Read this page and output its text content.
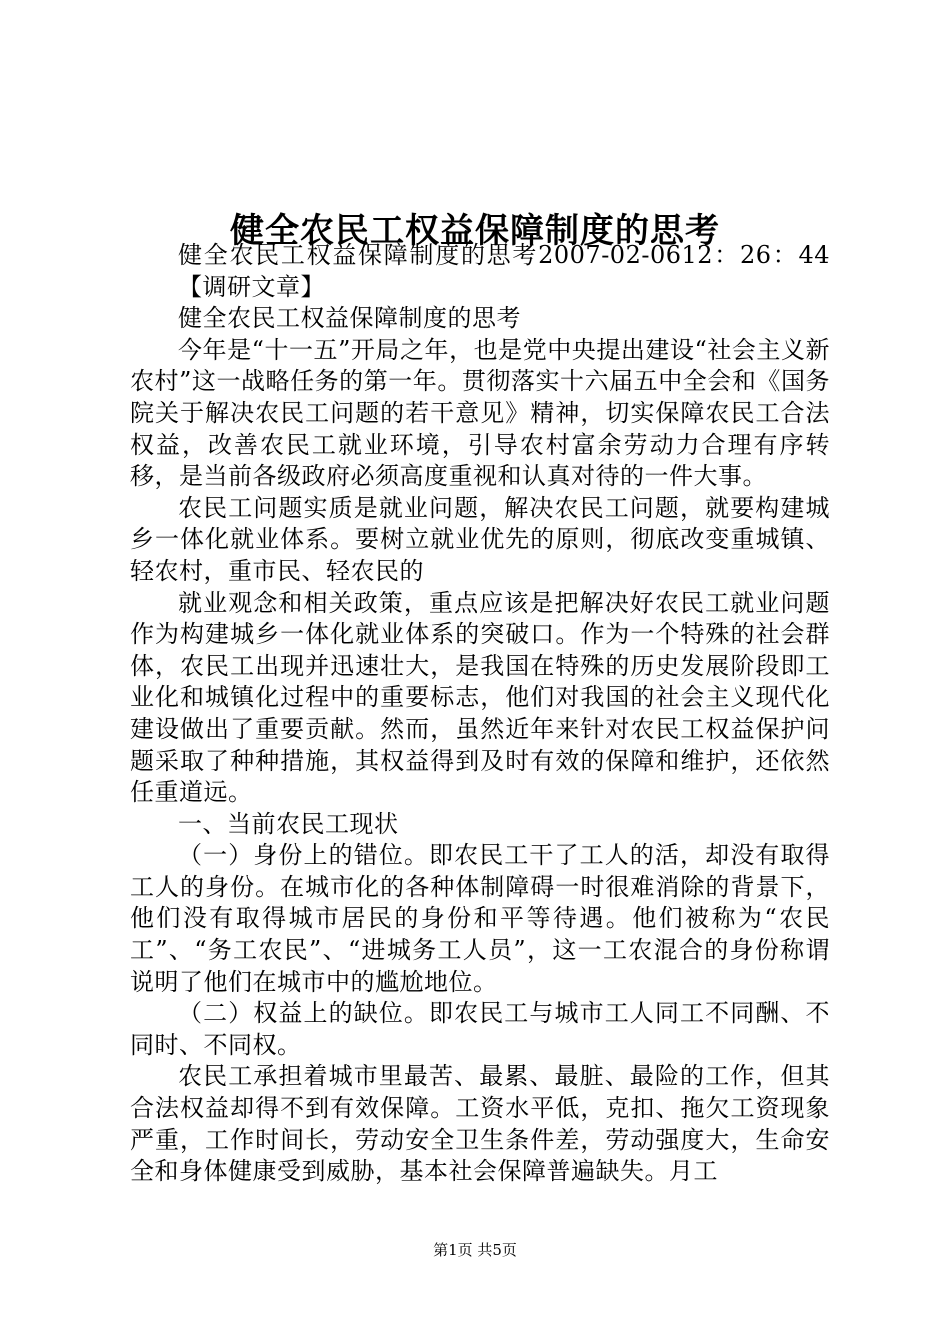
健全农民工权益保障制度的思考

健全农民工权益保障制度的思考2007-02-0612：26：44【调研文章】

健全农民工权益保障制度的思考

今年是“十一五”开局之年，也是党中央提出建设“社会主义新农村”这一战略任务的第一年。贯彻落实十六届五中全会和《国务院关于解决农民工问题的若干意见》精神，切实保障农民工合法权益，改善农民工就业环境，引导农村富余劳动力合理有序转移，是当前各级政府必须高度重视和认真对待的一件大事。

农民工问题实质是就业问题，解决农民工问题，就要构建城乡一体化就业体系。要树立就业优先的原则，彻底改变重城镇、轻农村，重市民、轻农民的

就业观念和相关政策，重点应该是把解决好农民工就业问题作为构建城乡一体化就业体系的突破口。作为一个特殊的社会群体，农民工出现并迅速壮大，是我国在特殊的历史发展阶段即工业化和城镇化过程中的重要标志，他们对我国的社会主义现代化建设做出了重要贡献。然而，虽然近年来针对农民工权益保护问题采取了种种措施，其权益得到及时有效的保障和维护，还依然任重道远。

一、当前农民工现状

（一）身份上的错位。即农民工干了工人的活，却没有取得工人的身份。在城市化的各种体制障碍一时很难消除的背景下，他们没有取得城市居民的身份和平等待遇。他们被称为“农民工”、“务工农民”、“进城务工人员”，这一工农混合的身份称谓说明了他们在城市中的尴尬地位。

（二）权益上的缺位。即农民工与城市工人同工不同酬、不同时、不同权。

农民工承担着城市里最苦、最累、最脏、最险的工作，但其合法权益却得不到有效保障。工资水平低，克扣、拖欠工资现象严重，工作时间长，劳动安全卫生条件差，劳动强度大，生命安全和身体健康受到威胁，基本社会保障普遍缺失。月工

第1页 共5页
